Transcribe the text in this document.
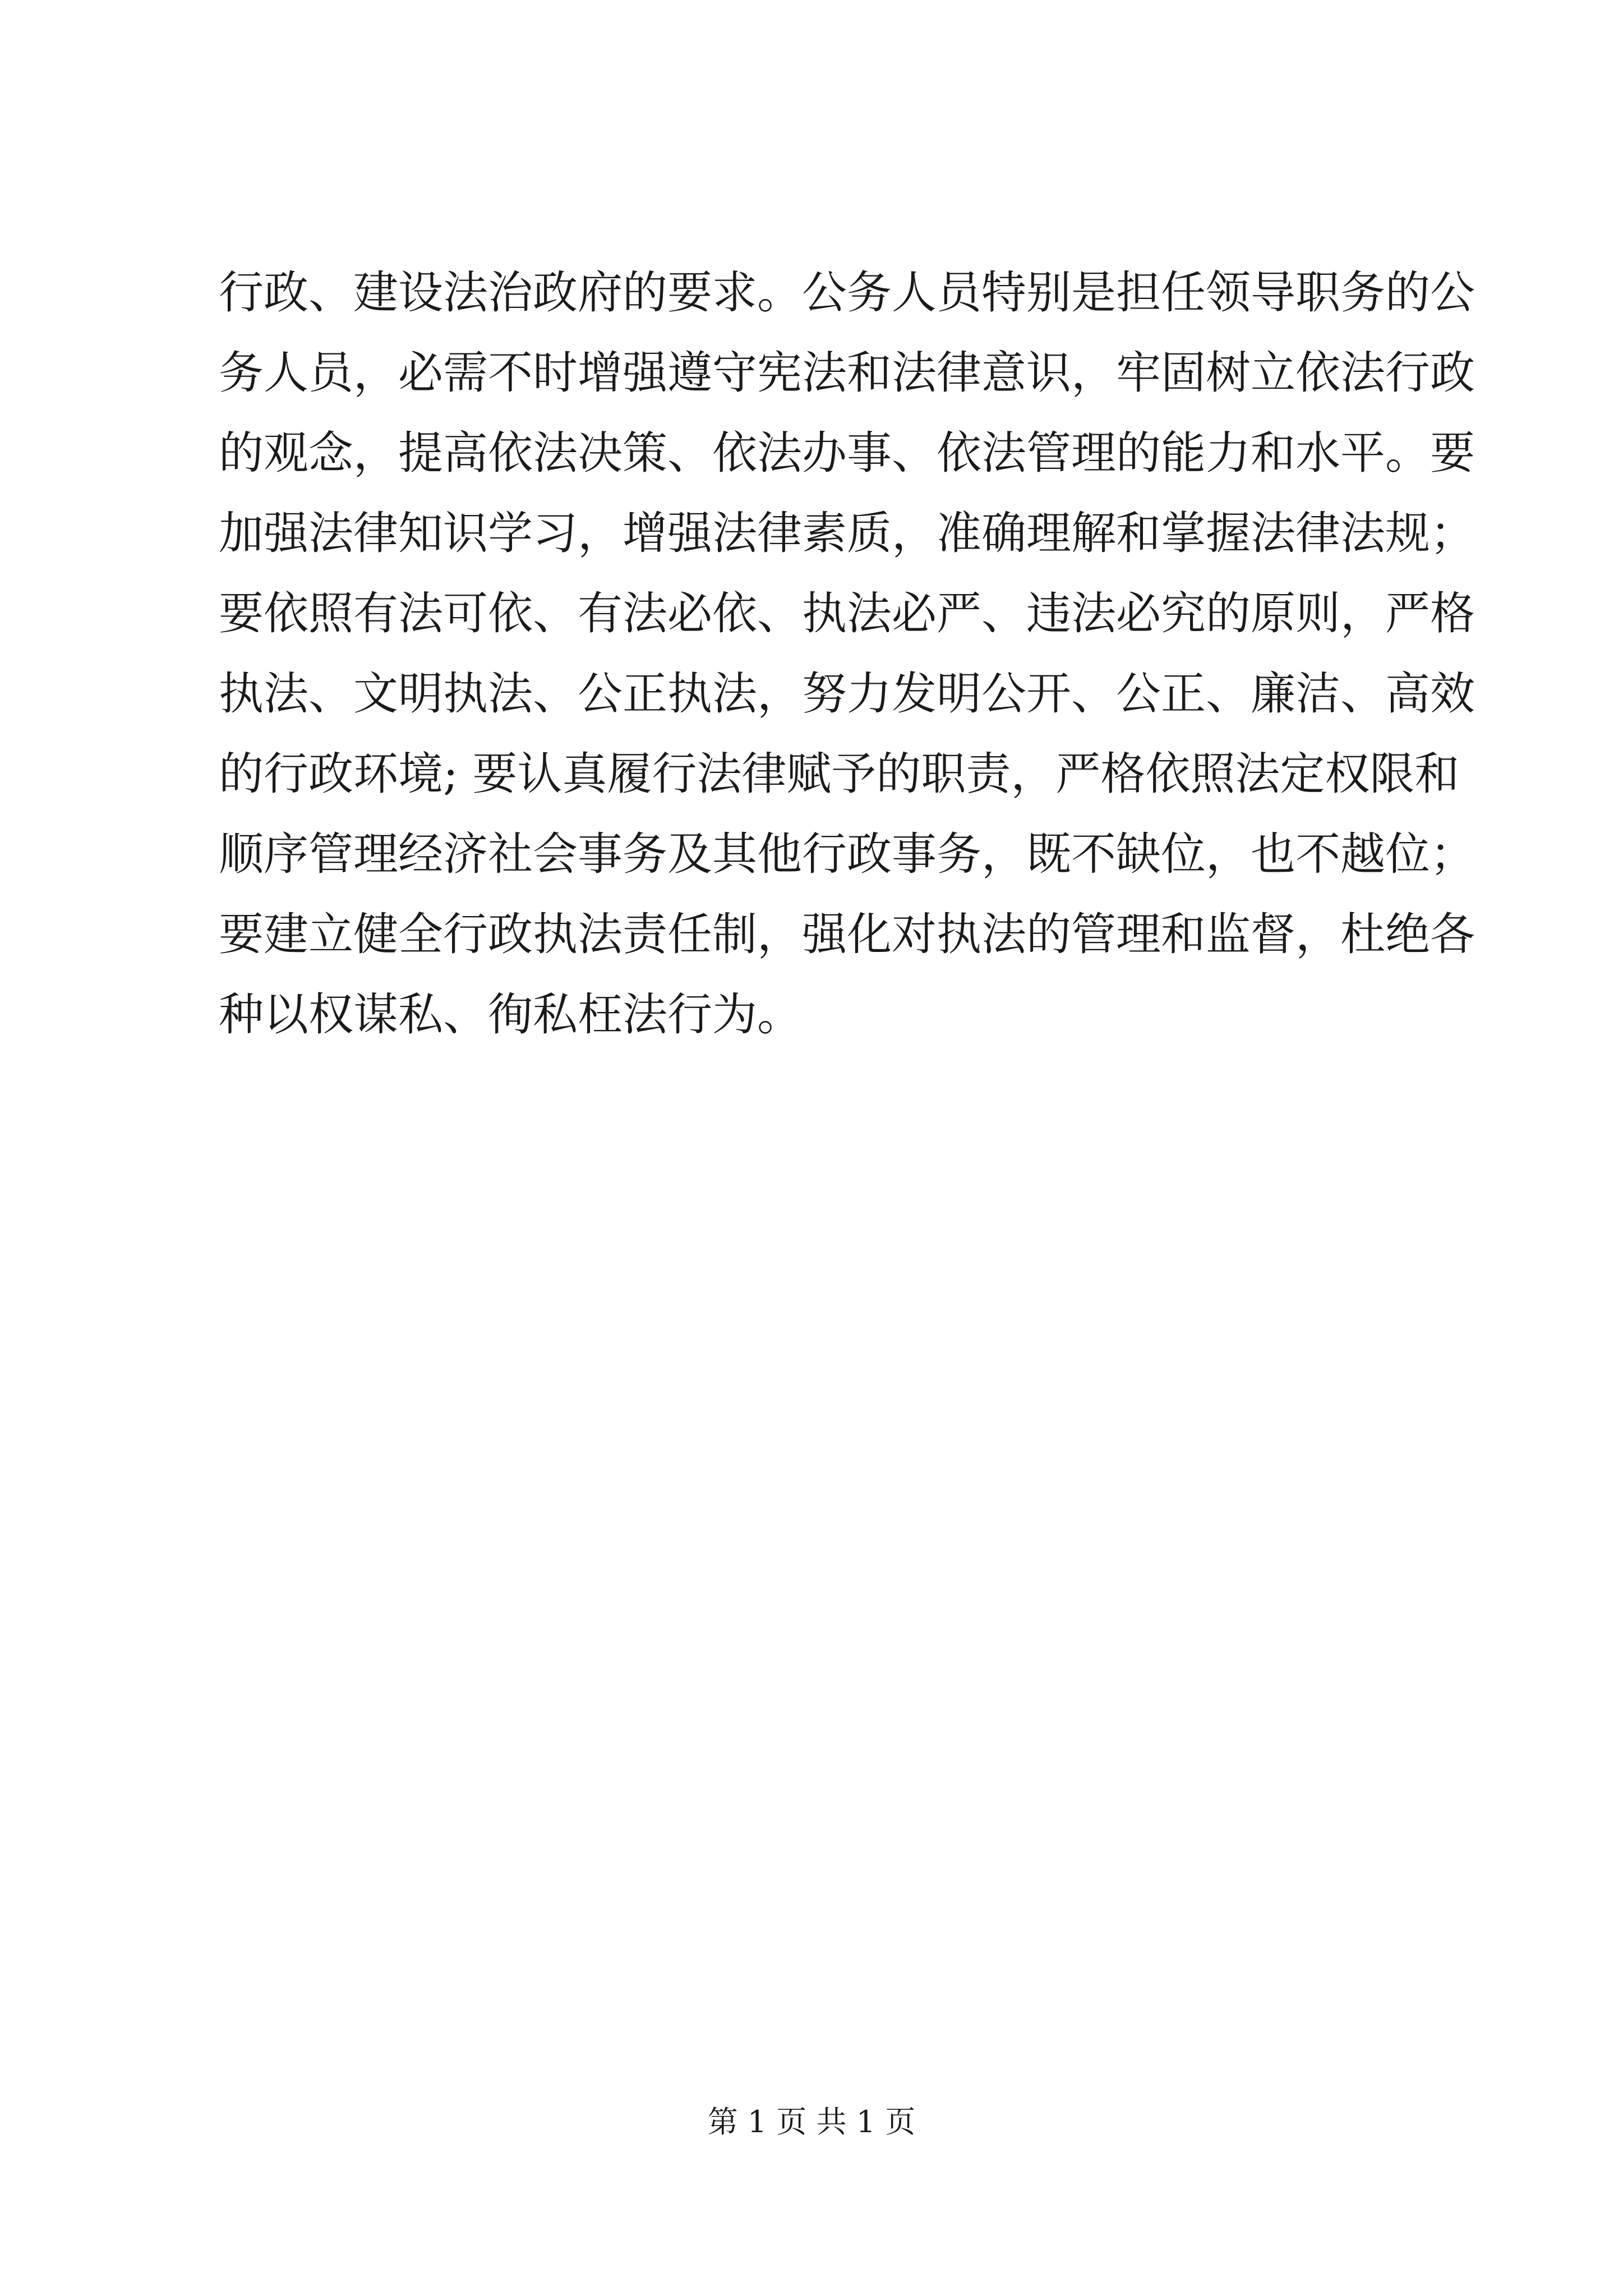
行政、建设法治政府的要求。公务人员特别是担任领导职务的公
务人员，必需不时增强遵守宪法和法律意识，牢固树立依法行政
的观念，提高依法决策、依法办事、依法管理的能力和水平。要
加强法律知识学习，增强法律素质，准确理解和掌握法律法规；
要依照有法可依、有法必依、执法必严、违法必究的原则，严格
执法、文明执法、公正执法，努力发明公开、公正、廉洁、高效
的行政环境; 要认真履行法律赋予的职责，严格依照法定权限和
顺序管理经济社会事务及其他行政事务，既不缺位，也不越位；
要建立健全行政执法责任制，强化对执法的管理和监督，杜绝各
种以权谋私、徇私枉法行为。
第 1 页 共 1 页
